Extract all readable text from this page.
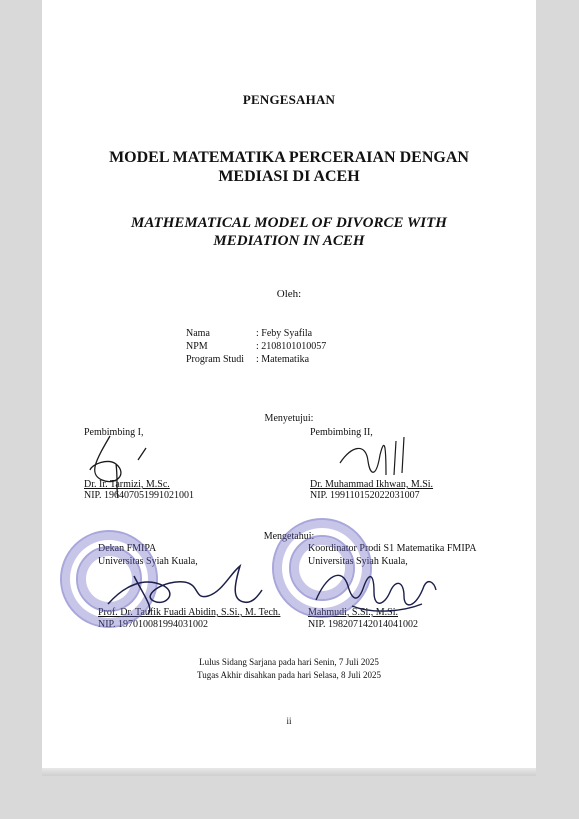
PENGESAHAN
MODEL MATEMATIKA PERCERAIAN DENGAN
MEDIASI DI ACEH
MATHEMATICAL MODEL OF DIVORCE WITH
MEDIATION IN ACEH
Oleh:
Nama	: Feby Syafila
NPM	: 2108101010057
Program Studi : Matematika
Menyetujui:
Pembimbing I,
Dr. Ir. Tarmizi, M.Sc.
NIP. 196407051991021001
Pembimbing II,
Dr. Muhammad Ikhwan, M.Si.
NIP. 199110152022031007
Mengetahui:
Dekan FMIPA
Universitas Syiah Kuala,
Prof. Dr. Taufik Fuadi Abidin, S.Si., M. Tech.
NIP. 197010081994031002
Koordinator Prodi S1 Matematika FMIPA
Universitas Syiah Kuala,
Mahmudi, S.Si., M.Si.
NIP. 198207142014041002
Lulus Sidang Sarjana pada hari Senin, 7 Juli 2025
Tugas Akhir disahkan pada hari Selasa, 8 Juli 2025
ii
